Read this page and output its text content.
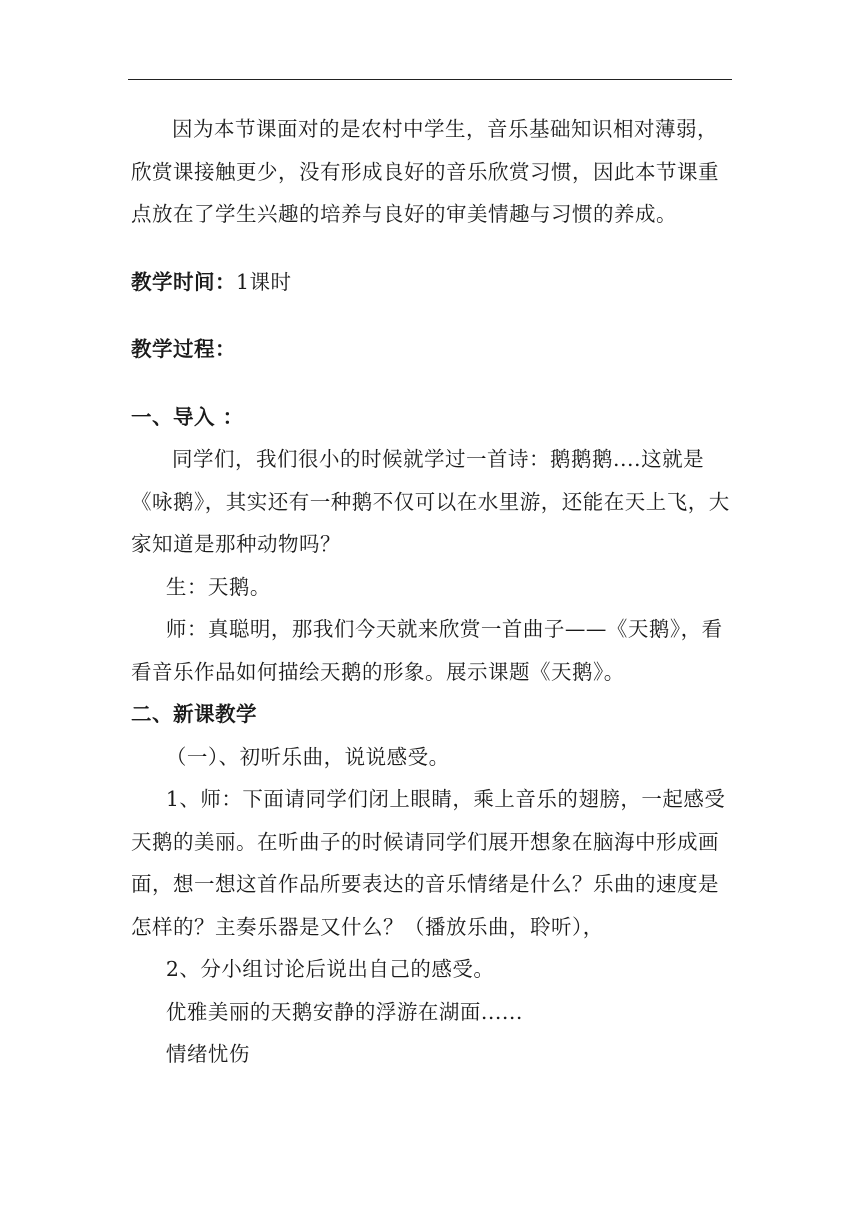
因为本节课面对的是农村中学生，音乐基础知识相对薄弱，欣赏课接触更少，没有形成良好的音乐欣赏习惯，因此本节课重点放在了学生兴趣的培养与良好的审美情趣与习惯的养成。

教学时间：1课时

教学过程：

一、导入 ：

同学们，我们很小的时候就学过一首诗：鹅鹅鹅....这就是《咏鹅》，其实还有一种鹅不仅可以在水里游，还能在天上飞，大家知道是那种动物吗？

生：天鹅。

师：真聪明，那我们今天就来欣赏一首曲子——《天鹅》，看看音乐作品如何描绘天鹅的形象。展示课题《天鹅》。

二、新课教学

（一）、初听乐曲，说说感受。

1、师：下面请同学们闭上眼睛，乘上音乐的翅膀，一起感受天鹅的美丽。在听曲子的时候请同学们展开想象在脑海中形成画面，想一想这首作品所要表达的音乐情绪是什么？乐曲的速度是怎样的？主奏乐器是又什么？（播放乐曲，聆听），

2、分小组讨论后说出自己的感受。

优雅美丽的天鹅安静的浮游在湖面......

情绪忧伤
